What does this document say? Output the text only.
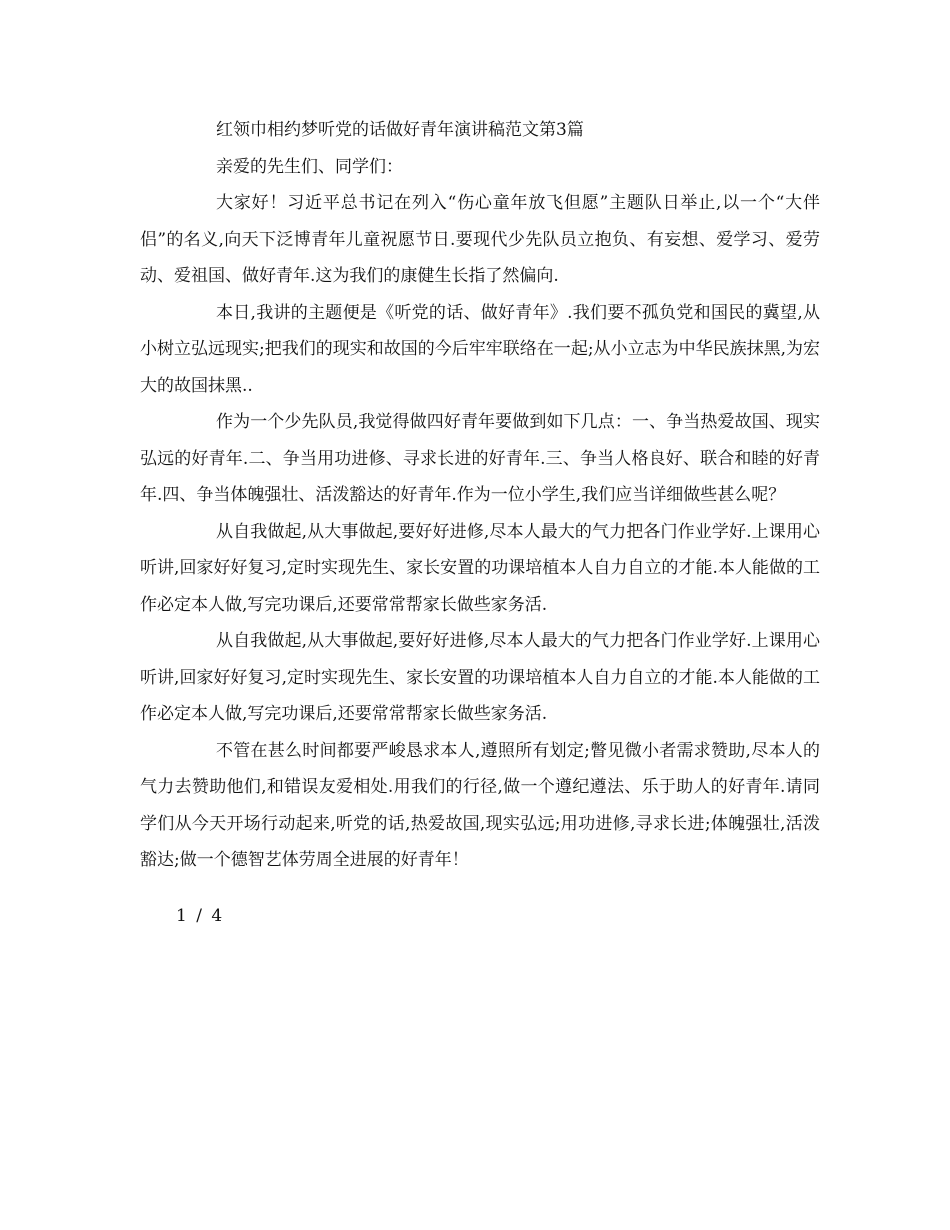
红领巾相约梦听党的话做好青年演讲稿范文第3篇

亲爱的先生们、同学们：

大家好！习近平总书记在列入“伤心童年放飞但愿”主题队日举止,以一个“大伴侣”的名义,向天下泛博青年儿童祝愿节日.要现代少先队员立抱负、有妄想、爱学习、爱劳动、爱祖国、做好青年.这为我们的康健生长指了然偏向.

本日,我讲的主题便是《听党的话、做好青年》.我们要不孤负党和国民的冀望,从小树立弘远现实;把我们的现实和故国的今后牢牢联络在一起;从小立志为中华民族抹黑,为宏大的故国抹黑..

作为一个少先队员,我觉得做四好青年要做到如下几点：一、争当热爱故国、现实弘远的好青年.二、争当用功进修、寻求长进的好青年.三、争当人格良好、联合和睦的好青年.四、争当体魄强壮、活泼豁达的好青年.作为一位小学生,我们应当详细做些甚么呢？

从自我做起,从大事做起,要好好进修,尽本人最大的气力把各门作业学好.上课用心听讲,回家好好复习,定时实现先生、家长安置的功课培植本人自力自立的才能.本人能做的工作必定本人做,写完功课后,还要常常帮家长做些家务活.

从自我做起,从大事做起,要好好进修,尽本人最大的气力把各门作业学好.上课用心听讲,回家好好复习,定时实现先生、家长安置的功课培植本人自力自立的才能.本人能做的工作必定本人做,写完功课后,还要常常帮家长做些家务活.

不管在甚么时间都要严峻恳求本人,遵照所有划定;瞥见微小者需求赞助,尽本人的气力去赞助他们,和错误友爱相处.用我们的行径,做一个遵纪遵法、乐于助人的好青年.请同学们从今天开场行动起来,听党的话,热爱故国,现实弘远;用功进修,寻求长进;体魄强壮,活泼豁达;做一个德智艺体劳周全进展的好青年！

1 / 4
